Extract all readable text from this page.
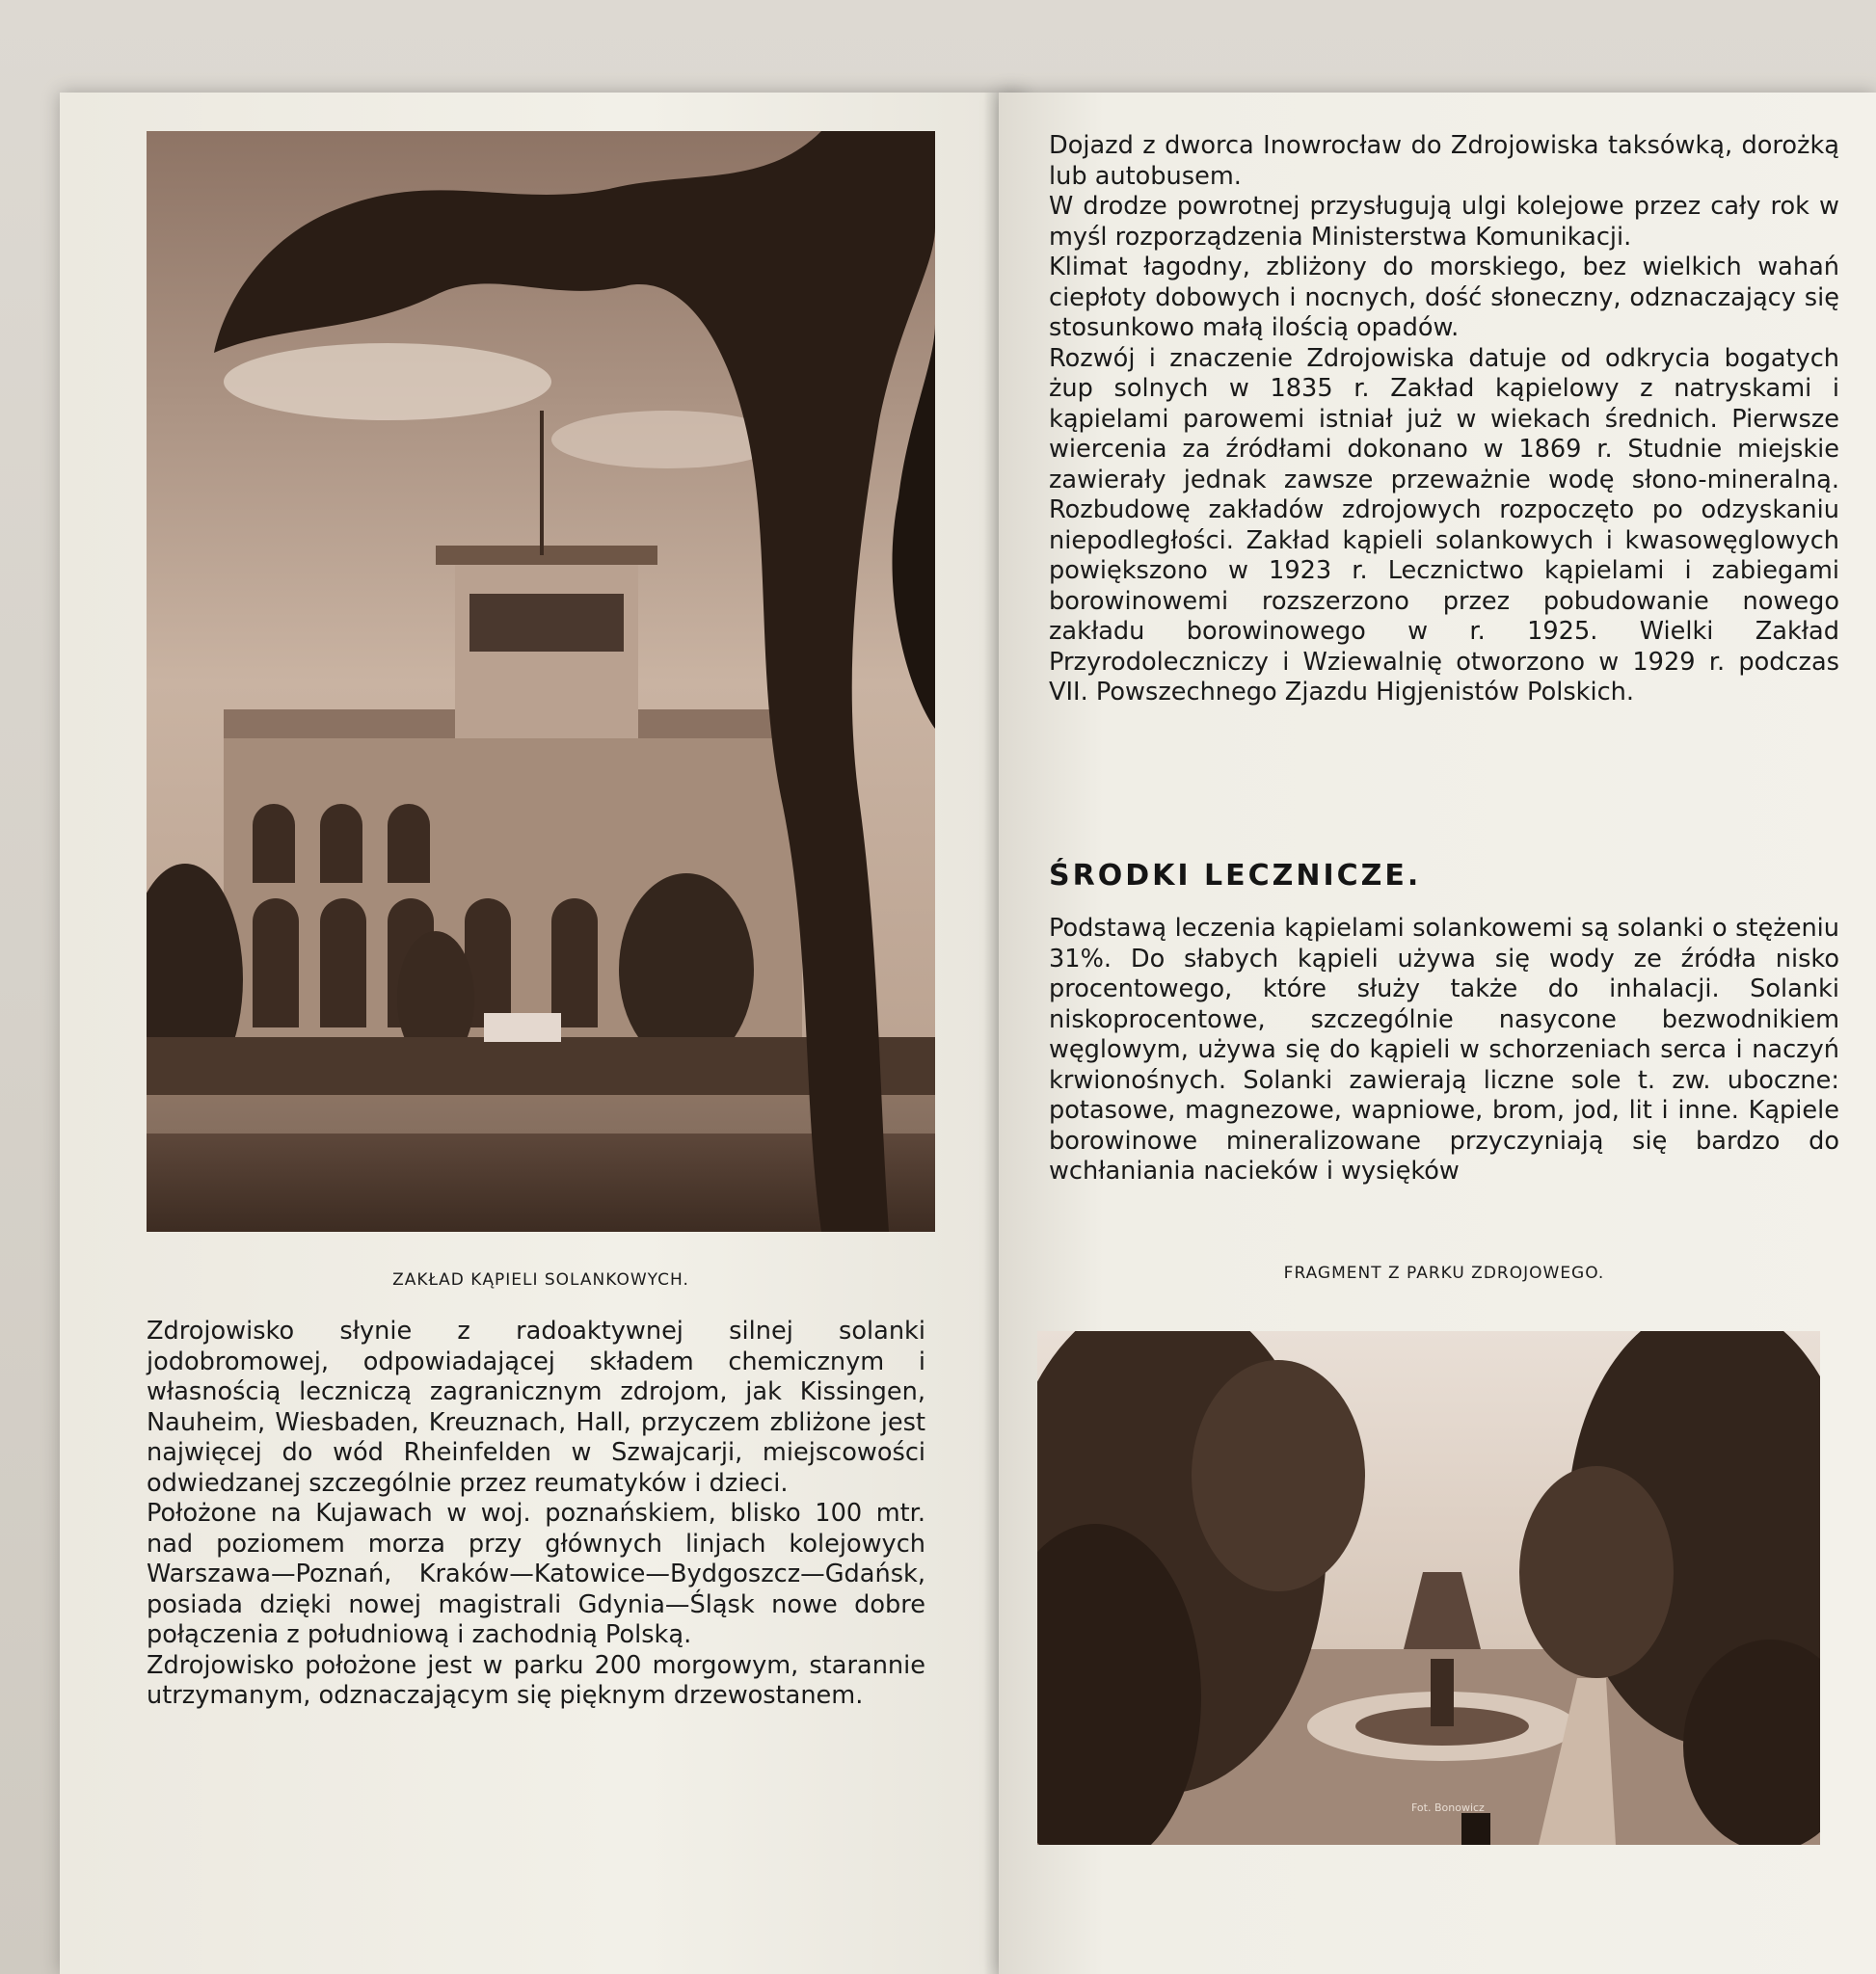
ZAKŁAD KĄPIELI SOLANKOWYCH.

Zdrojowisko słynie z radoaktywnej silnej solanki jodobromowej, odpowiadającej składem chemicznym i własnością leczniczą zagranicznym zdrojom, jak Kissingen, Nauheim, Wiesbaden, Kreuznach, Hall, przyczem zbliżone jest najwięcej do wód Rheinfelden w Szwajcarji, miejscowości odwiedzanej szczególnie przez reumatyków i dzieci.

Położone na Kujawach w woj. poznańskiem, blisko 100 mtr. nad poziomem morza przy głównych linjach kolejowych Warszawa—Poznań, Kraków—Katowice—Bydgoszcz—Gdańsk, posiada dzięki nowej magistrali Gdynia—Śląsk nowe dobre połączenia z południową i zachodnią Polską.

Zdrojowisko położone jest w parku 200 morgowym, starannie utrzymanym, odznaczającym się pięknym drzewostanem.

Dojazd z dworca Inowrocław do Zdrojowiska taksówką, dorożką lub autobusem.

W drodze powrotnej przysługują ulgi kolejowe przez cały rok w myśl rozporządzenia Ministerstwa Komunikacji.

Klimat łagodny, zbliżony do morskiego, bez wielkich wahań ciepłoty dobowych i nocnych, dość słoneczny, odznaczający się stosunkowo małą ilością opadów.

Rozwój i znaczenie Zdrojowiska datuje od odkrycia bogatych żup solnych w 1835 r. Zakład kąpielowy z natryskami i kąpielami parowemi istniał już w wiekach średnich. Pierwsze wiercenia za źródłami dokonano w 1869 r. Studnie miejskie zawierały jednak zawsze przeważnie wodę słono-mineralną. Rozbudowę zakładów zdrojowych rozpoczęto po odzyskaniu niepodległości. Zakład kąpieli solankowych i kwasowęglowych powiększono w 1923 r. Lecznictwo kąpielami i zabiegami borowinowemi rozszerzono przez pobudowanie nowego zakładu borowinowego w r. 1925. Wielki Zakład Przyrodoleczniczy i Wziewalnię otworzono w 1929 r. podczas VII. Powszechnego Zjazdu Higjenistów Polskich.

ŚRODKI LECZNICZE.

Podstawą leczenia kąpielami solankowemi są solanki o stężeniu 31%. Do słabych kąpieli używa się wody ze źródła nisko procentowego, które służy także do inhalacji. Solanki niskoprocentowe, szczególnie nasycone bezwodnikiem węglowym, używa się do kąpieli w schorzeniach serca i naczyń krwionośnych. Solanki zawierają liczne sole t. zw. uboczne: potasowe, magnezowe, wapniowe, brom, jod, lit i inne. Kąpiele borowinowe mineralizowane przyczyniają się bardzo do wchłaniania nacieków i wysięków

FRAGMENT Z PARKU ZDROJOWEGO.
Fot. Bonowicz
